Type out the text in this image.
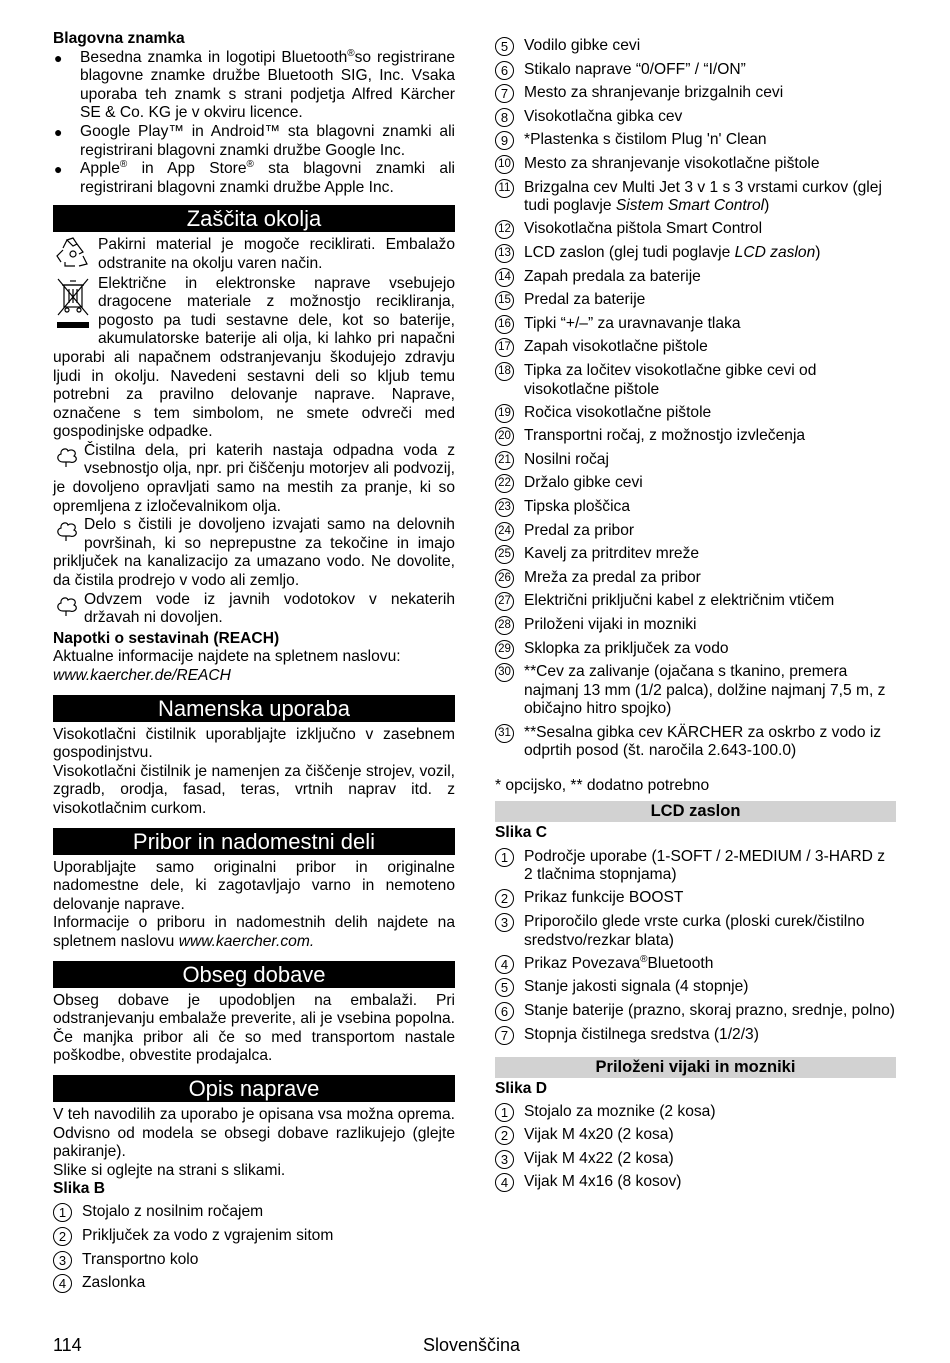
Blagovna znamka
●	Besedna znamka in logotipi Bluetooth®so registrirane blagovne znamke družbe Bluetooth SIG, Inc. Vsaka uporaba teh znamk s strani podjetja Alfred Kärcher SE & Co. KG je v okviru licence.
●	Google Play™ in Android™ sta blagovni znamki ali registrirani blagovni znamki družbe Google Inc.
●	Apple® in App Store® sta blagovni znamki ali registrirani blagovni znamki družbe Apple Inc.
Zaščita okolja
Pakirni material je mogoče reciklirati. Embalažo odstranite na okolju varen način.
Električne in elektronske naprave vsebujejo dragocene materiale z možnostjo recikliranja, pogosto pa tudi sestavne dele, kot so baterije, akumulatorske baterije ali olja, ki lahko pri napačni uporabi ali napačnem odstranjevanju škodujejo zdravju ljudi in okolju. Navedeni sestavni deli so kljub temu potrebni za pravilno delovanje naprave. Naprave, označene s tem simbolom, ne smete odvreči med gospodinjske odpadke.
Čistilna dela, pri katerih nastaja odpadna voda z vsebnostjo olja, npr. pri čiščenju motorjev ali podvozij, je dovoljeno opravljati samo na mestih za pranje, ki so opremljena z izločevalnikom olja.
Delo s čistili je dovoljeno izvajati samo na delovnih površinah, ki so neprepustne za tekočine in imajo priključek na kanalizacijo za umazano vodo. Ne dovolite, da čistila prodrejo v vodo ali zemljo.
Odvzem vode iz javnih vodotokov v nekaterih državah ni dovoljen.
Napotki o sestavinah (REACH)
Aktualne informacije najdete na spletnem naslovu:
www.kaercher.de/REACH
Namenska uporaba
Visokotlačni čistilnik uporabljajte izključno v zasebnem gospodinjstvu.
Visokotlačni čistilnik je namenjen za čiščenje strojev, vozil, zgradb, orodja, fasad, teras, vrtnih naprav itd. z visokotlačnim curkom.
Pribor in nadomestni deli
Uporabljajte samo originalni pribor in originalne nadomestne dele, ki zagotavljajo varno in nemoteno delovanje naprave.
Informacije o priboru in nadomestnih delih najdete na spletnem naslovu www.kaercher.com.
Obseg dobave
Obseg dobave je upodobljen na embalaži. Pri odstranjevanju embalaže preverite, ali je vsebina popolna. Če manjka pribor ali če so med transportom nastale poškodbe, obvestite prodajalca.
Opis naprave
V teh navodilih za uporabo je opisana vsa možna oprema. Odvisno od modela se obsegi dobave razlikujejo (glejte pakiranje).
Slike si oglejte na strani s slikami.
Slika B
1	Stojalo z nosilnim ročajem
2	Priključek za vodo z vgrajenim sitom
3	Transportno kolo
4	Zaslonka
5	Vodilo gibke cevi
6	Stikalo naprave “0/OFF” / “I/ON”
7	Mesto za shranjevanje brizgalnih cevi
8	Visokotlačna gibka cev
9	*Plastenka s čistilom Plug 'n' Clean
10 Mesto za shranjevanje visokotlačne pištole
11 Brizgalna cev Multi Jet 3 v 1 s 3 vrstami curkov (glej tudi poglavje Sistem Smart Control)
12 Visokotlačna pištola Smart Control
13 LCD zaslon (glej tudi poglavje LCD zaslon)
14 Zapah predala za baterije
15 Predal za baterije
16 Tipki “+/–” za uravnavanje tlaka
17 Zapah visokotlačne pištole
18 Tipka za ločitev visokotlačne gibke cevi od visokotlačne pištole
19 Ročica visokotlačne pištole
20 Transportni ročaj, z možnostjo izvlečenja
21 Nosilni ročaj
22 Držalo gibke cevi
23 Tipska ploščica
24 Predal za pribor
25 Kavelj za pritrditev mreže
26 Mreža za predal za pribor
27 Električni priključni kabel z električnim vtičem
28 Priloženi vijaki in mozniki
29 Sklopka za priključek za vodo
30 **Cev za zalivanje (ojačana s tkanino, premera najmanj 13 mm (1/2 palca), dolžine najmanj 7,5 m, z običajno hitro spojko)
31 **Sesalna gibka cev KÄRCHER za oskrbo z vodo iz odprtih posod (št. naročila 2.643-100.0)
* opcijsko, ** dodatno potrebno
LCD zaslon
Slika C
1	Področje uporabe (1-SOFT / 2-MEDIUM / 3-HARD z 2 tlačnima stopnjama)
2	Prikaz funkcije BOOST
3	Priporočilo glede vrste curka (ploski curek/čistilno sredstvo/rezkar blata)
4	Prikaz Povezava®Bluetooth
5	Stanje jakosti signala (4 stopnje)
6	Stanje baterije (prazno, skoraj prazno, srednje, polno)
7	Stopnja čistilnega sredstva (1/2/3)
Priloženi vijaki in mozniki
Slika D
1	Stojalo za moznike (2 kosa)
2	Vijak M 4x20 (2 kosa)
3	Vijak M 4x22 (2 kosa)
4	Vijak M 4x16 (8 kosov)
114	Slovenščina
